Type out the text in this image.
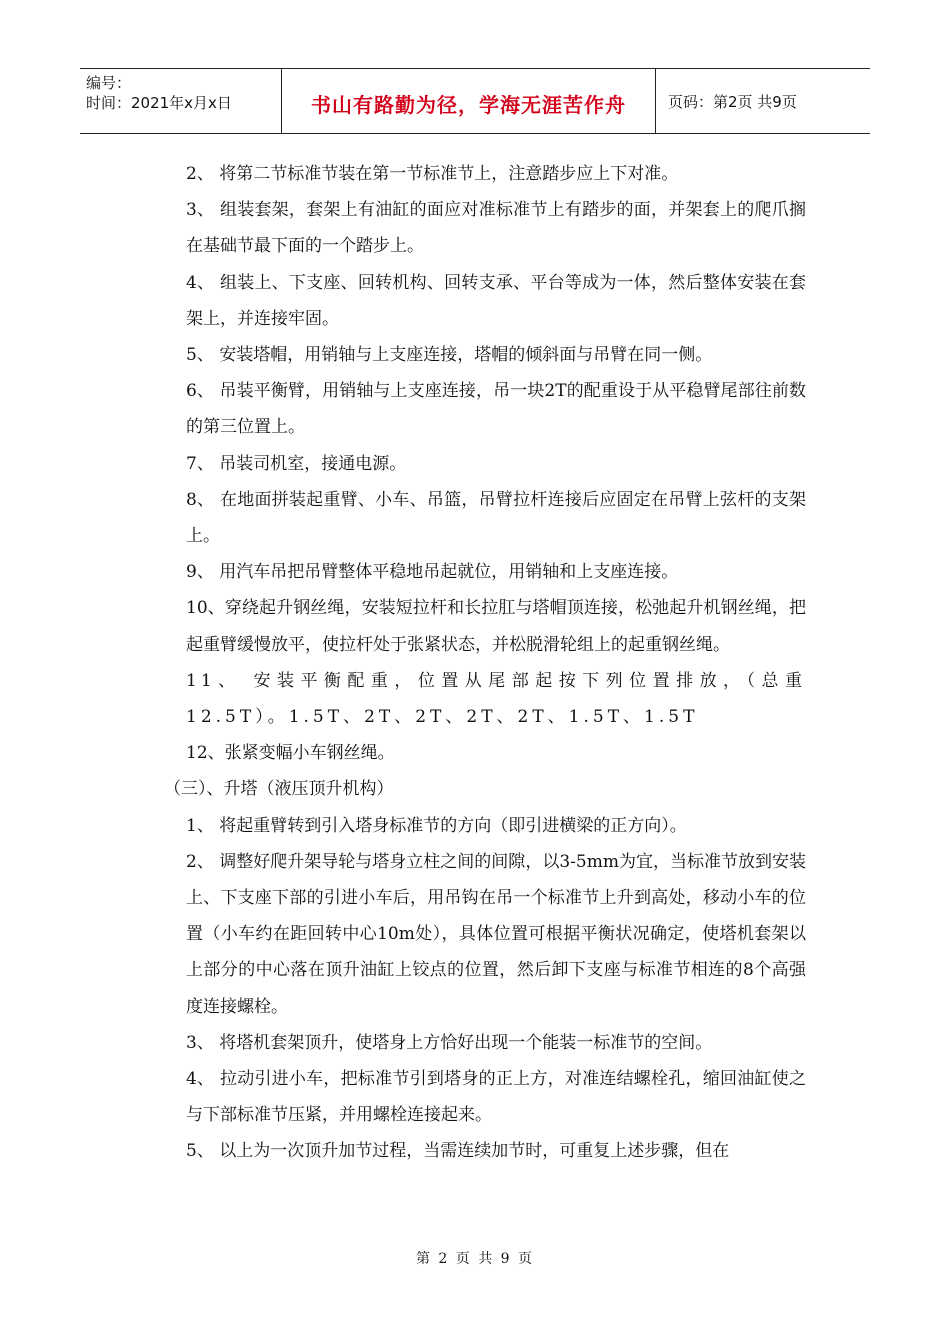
编号：
时间：2021年x月x日	书山有路勤为径，学海无涯苦作舟	页码：第2页 共9页

2、 将第二节标准节装在第一节标准节上，注意踏步应上下对准。

3、 组装套架，套架上有油缸的面应对准标准节上有踏步的面，并架套上的爬爪搁在基础节最下面的一个踏步上。

4、 组装上、下支座、回转机构、回转支承、平台等成为一体，然后整体安装在套架上，并连接牢固。

5、 安装塔帽，用销轴与上支座连接，塔帽的倾斜面与吊臂在同一侧。

6、 吊装平衡臂，用销轴与上支座连接，吊一块2T的配重设于从平稳臂尾部往前数的第三位置上。

7、 吊装司机室，接通电源。

8、 在地面拼装起重臂、小车、吊篮，吊臂拉杆连接后应固定在吊臂上弦杆的支架上。

9、 用汽车吊把吊臂整体平稳地吊起就位，用销轴和上支座连接。

10、穿绕起升钢丝绳，安装短拉杆和长拉肛与塔帽顶连接，松弛起升机钢丝绳，把起重臂缓慢放平，使拉杆处于张紧状态，并松脱滑轮组上的起重钢丝绳。

11、 安装平衡配重，位置从尾部起按下列位置排放，（总重12.5T）。1.5T、2T、2T、2T、2T、1.5T、1.5T

12、张紧变幅小车钢丝绳。

（三）、升塔（液压顶升机构）

1、 将起重臂转到引入塔身标准节的方向（即引进横梁的正方向）。

2、 调整好爬升架导轮与塔身立柱之间的间隙，以3-5mm为宜，当标准节放到安装上、下支座下部的引进小车后，用吊钩在吊一个标准节上升到高处，移动小车的位置（小车约在距回转中心10m处），具体位置可根据平衡状况确定，使塔机套架以上部分的中心落在顶升油缸上铰点的位置，然后卸下支座与标准节相连的8个高强度连接螺栓。

3、 将塔机套架顶升，使塔身上方恰好出现一个能装一标准节的空间。

4、 拉动引进小车，把标准节引到塔身的正上方，对准连结螺栓孔，缩回油缸使之与下部标准节压紧，并用螺栓连接起来。

5、 以上为一次顶升加节过程，当需连续加节时，可重复上述步骤，但在

第 2 页 共 9 页
